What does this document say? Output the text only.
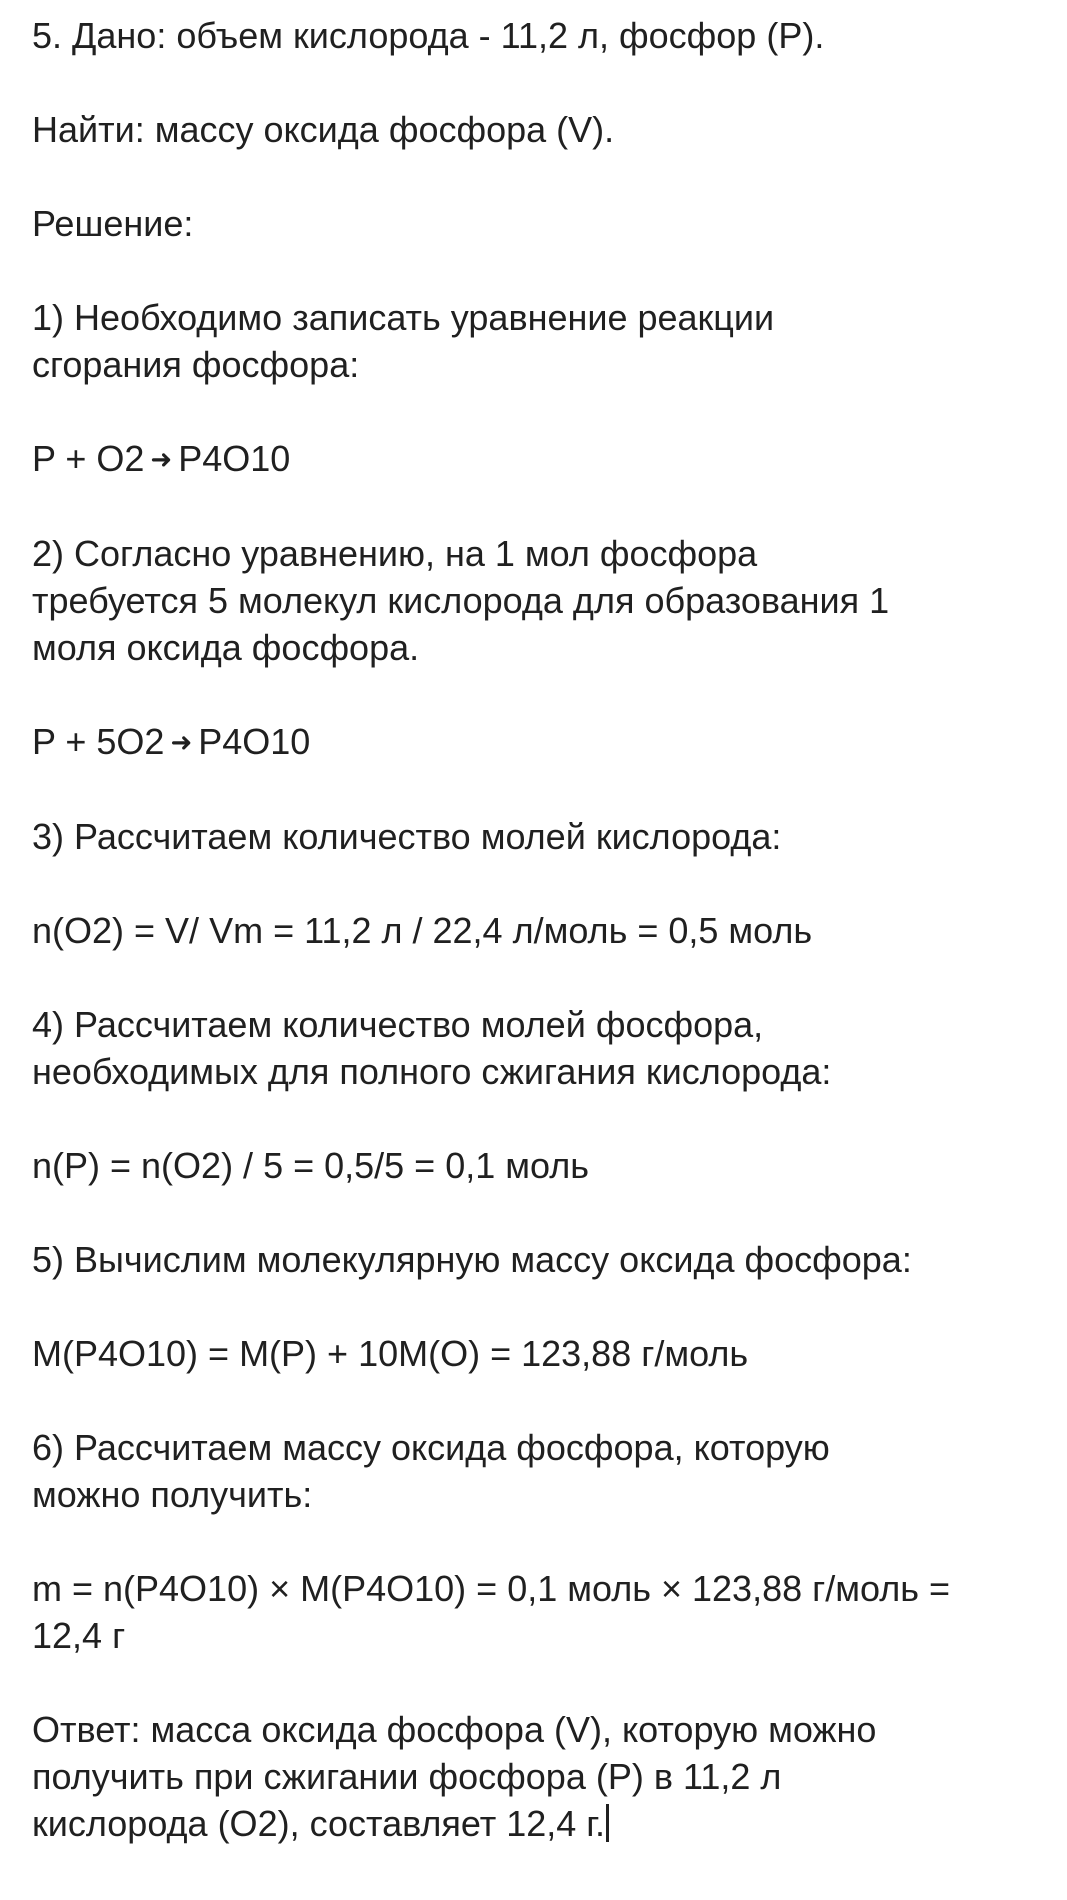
5. Дано: объем кислорода - 11,2 л, фосфор (P).

Найти: массу оксида фосфора (V).

Решение:

1) Необходимо записать уравнение реакции
сгорания фосфора:

P + O2 ➜ P4O10

2) Согласно уравнению, на 1 мол фосфора
требуется 5 молекул кислорода для образования 1
моля оксида фосфора.

P + 5O2 ➜ P4O10

3) Рассчитаем количество молей кислорода:

n(O2) = V/ Vm = 11,2 л / 22,4 л/моль = 0,5 моль

4) Рассчитаем количество молей фосфора,
необходимых для полного сжигания кислорода:

n(P) = n(O2) / 5 = 0,5/5 = 0,1 моль

5) Вычислим молекулярную массу оксида фосфора:

M(P4O10) = M(P) + 10M(O) = 123,88 г/моль

6) Рассчитаем массу оксида фосфора, которую
можно получить:

m = n(P4O10) × M(P4O10) = 0,1 моль × 123,88 г/моль =
12,4 г

Ответ: масса оксида фосфора (V), которую можно
получить при сжигании фосфора (P) в 11,2 л
кислорода (O2), составляет 12,4 г.
